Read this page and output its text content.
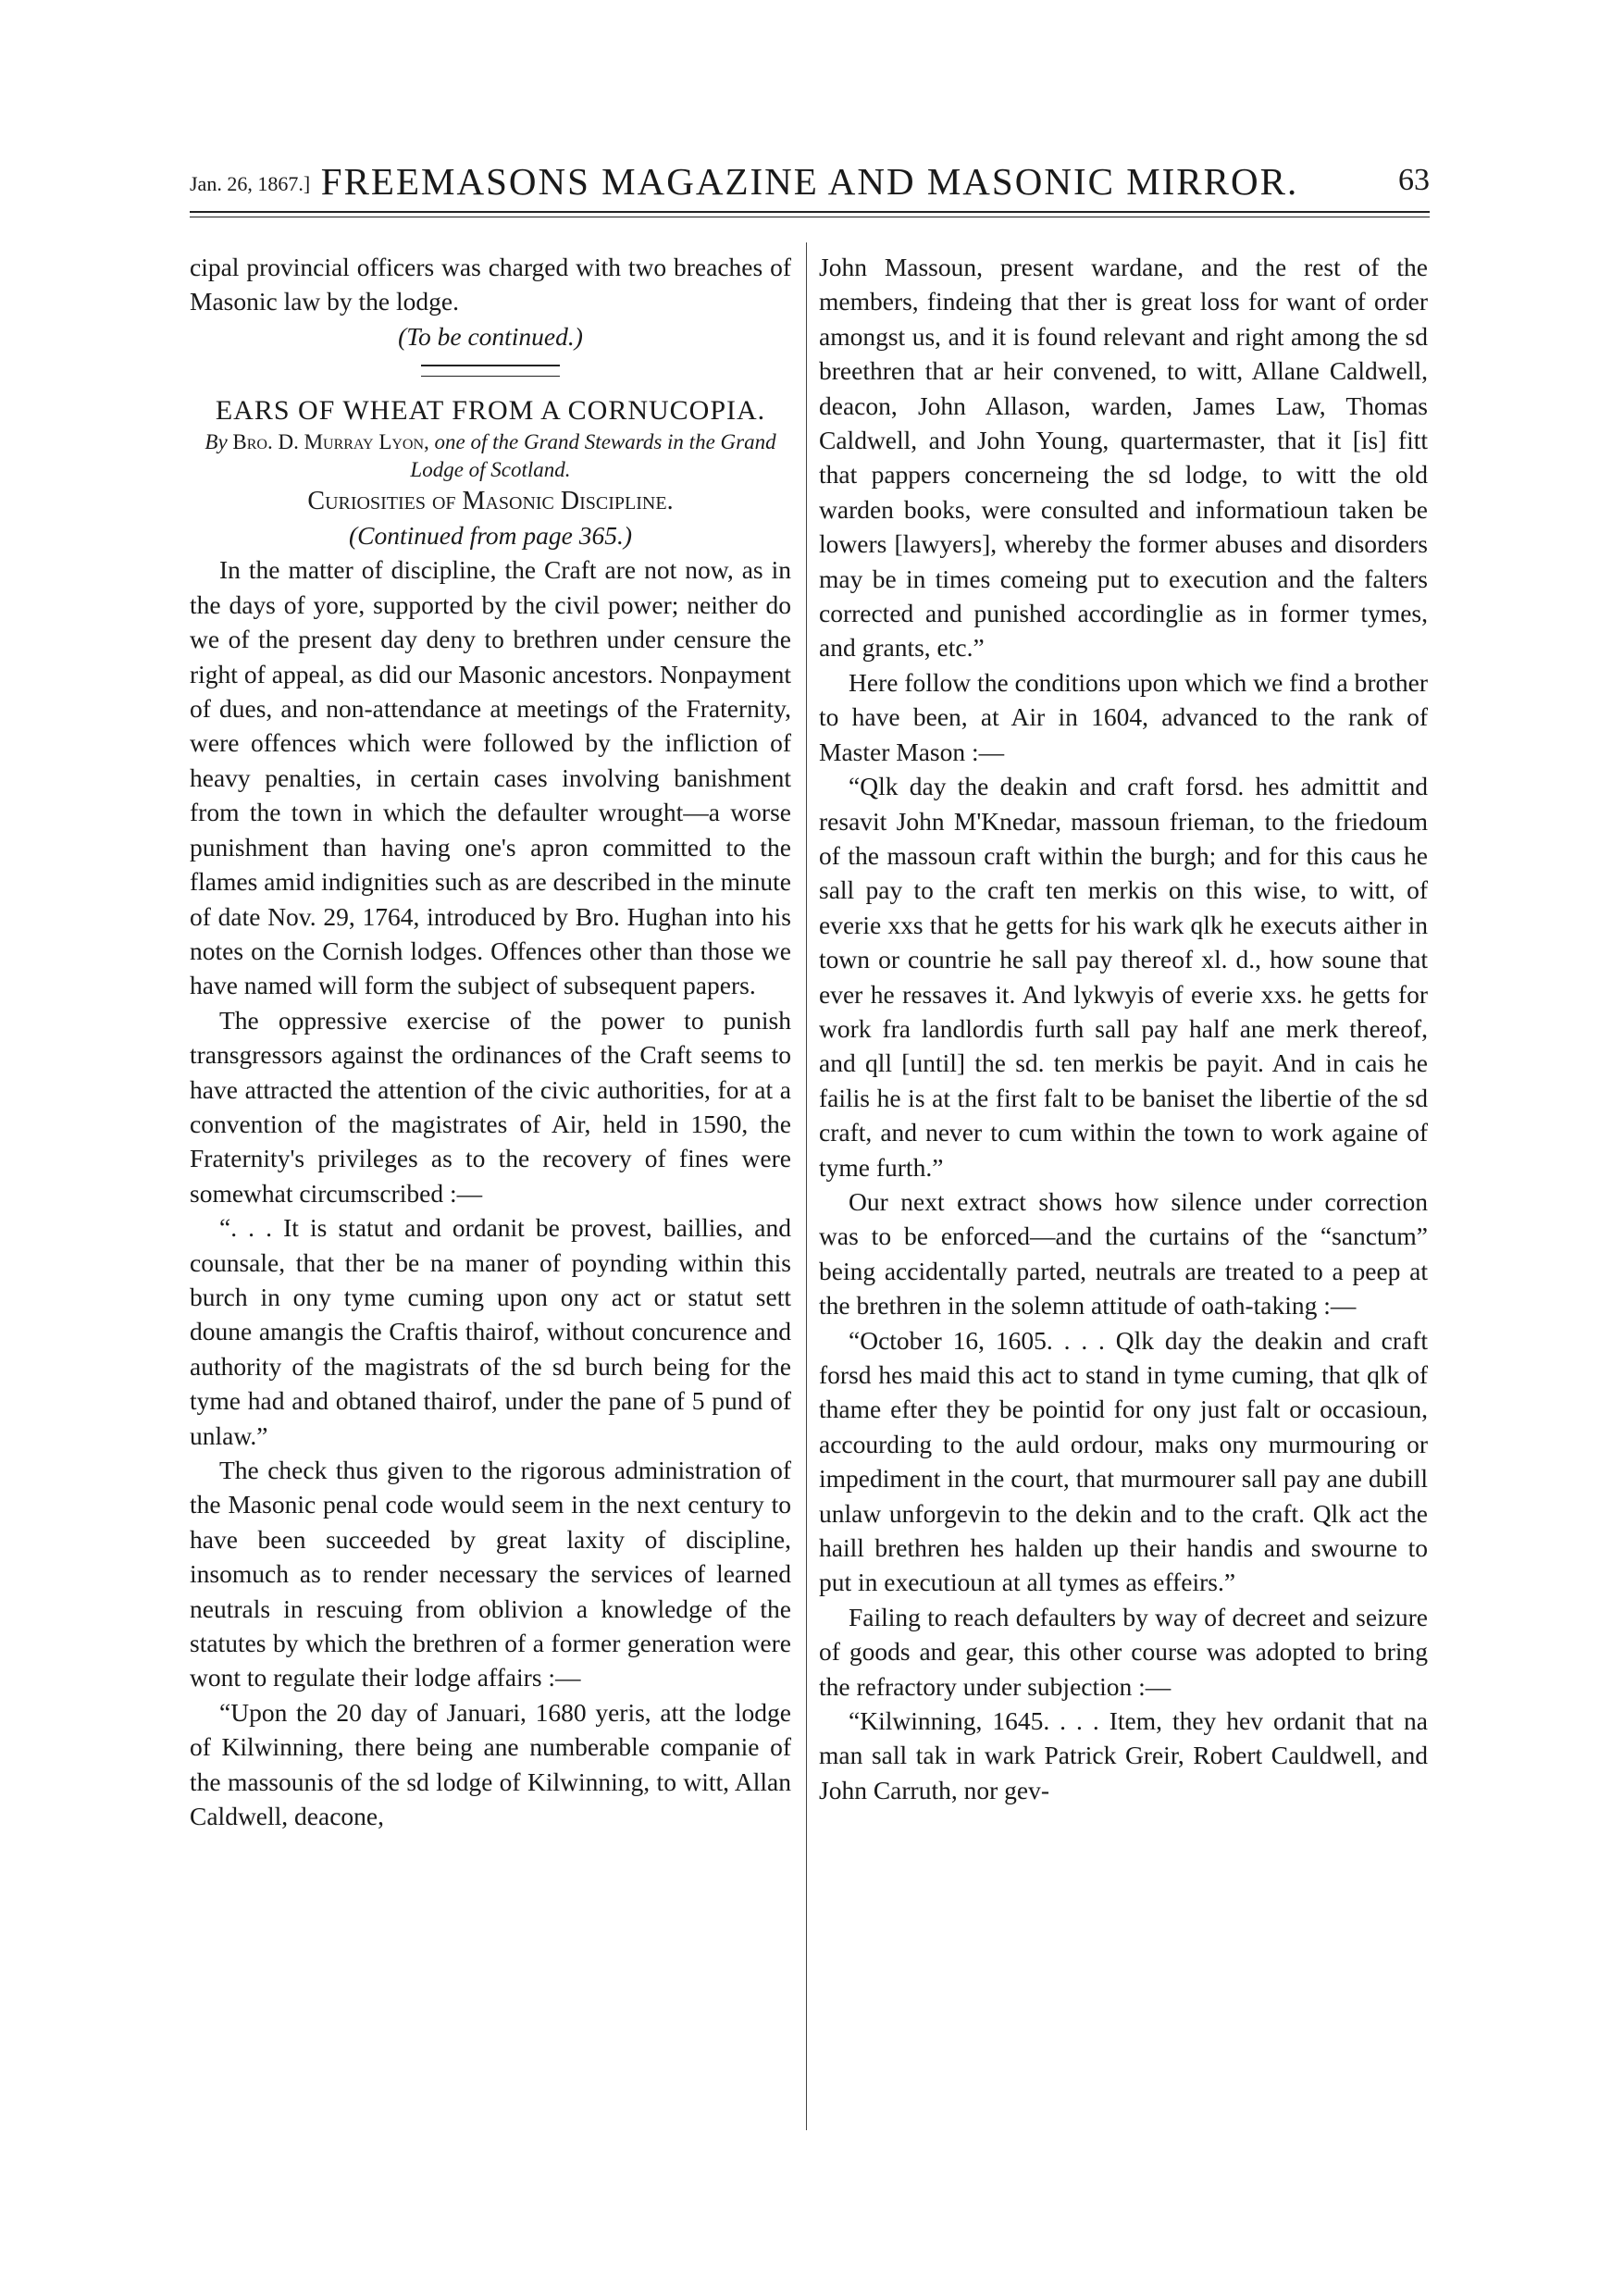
Jan. 26, 1867.] FREEMASONS MAGAZINE AND MASONIC MIRROR.	63

cipal provincial officers was charged with two breaches of Masonic law by the lodge.

(To be continued.)

EARS OF WHEAT FROM A CORNUCOPIA.

By Bro. D. Murray Lyon, one of the Grand Stewards in the Grand Lodge of Scotland.

Curiosities of Masonic Discipline.

(Continued from page 365.)

In the matter of discipline, the Craft are not now, as in the days of yore, supported by the civil power; neither do we of the present day deny to brethren under censure the right of appeal, as did our Masonic ancestors. Nonpayment of dues, and non-attendance at meetings of the Fraternity, were offences which were followed by the infliction of heavy penalties, in certain cases involving banishment from the town in which the defaulter wrought—a worse punishment than having one's apron committed to the flames amid indignities such as are described in the minute of date Nov. 29, 1764, introduced by Bro. Hughan into his notes on the Cornish lodges. Offences other than those we have named will form the subject of subsequent papers.

The oppressive exercise of the power to punish transgressors against the ordinances of the Craft seems to have attracted the attention of the civic authorities, for at a convention of the magistrates of Air, held in 1590, the Fraternity's privileges as to the recovery of fines were somewhat circumscribed :—

“. . . It is statut and ordanit be provest, baillies, and counsale, that ther be na maner of poynding within this burch in ony tyme cuming upon ony act or statut sett doune amangis the Craftis thairof, without concurence and authority of the magistrats of the sd burch being for the tyme had and obtaned thairof, under the pane of 5 pund of unlaw.”

The check thus given to the rigorous administration of the Masonic penal code would seem in the next century to have been succeeded by great laxity of discipline, insomuch as to render necessary the services of learned neutrals in rescuing from oblivion a knowledge of the statutes by which the brethren of a former generation were wont to regulate their lodge affairs :—

“Upon the 20 day of Januari, 1680 yeris, att the lodge of Kilwinning, there being ane numberable companie of the massounis of the sd lodge of Kilwinning, to witt, Allan Caldwell, deacone,

John Massoun, present wardane, and the rest of the members, findeing that ther is great loss for want of order amongst us, and it is found relevant and right among the sd breethren that ar heir convened, to witt, Allane Caldwell, deacon, John Allason, warden, James Law, Thomas Caldwell, and John Young, quartermaster, that it [is] fitt that pappers concerneing the sd lodge, to witt the old warden books, were consulted and informatioun taken be lowers [lawyers], whereby the former abuses and disorders may be in times comeing put to execution and the falters corrected and punished accordinglie as in former tymes, and grants, etc.”

Here follow the conditions upon which we find a brother to have been, at Air in 1604, advanced to the rank of Master Mason :—

“Qlk day the deakin and craft forsd. hes admittit and resavit John M'Knedar, massoun frieman, to the friedoum of the massoun craft within the burgh; and for this caus he sall pay to the craft ten merkis on this wise, to witt, of everie xxs that he getts for his wark qlk he executs aither in town or countrie he sall pay thereof xl. d., how soune that ever he ressaves it. And lykwyis of everie xxs. he getts for work fra landlordis furth sall pay half ane merk thereof, and qll [until] the sd. ten merkis be payit. And in cais he failis he is at the first falt to be baniset the libertie of the sd craft, and never to cum within the town to work againe of tyme furth.”

Our next extract shows how silence under correction was to be enforced—and the curtains of the “sanctum” being accidentally parted, neutrals are treated to a peep at the brethren in the solemn attitude of oath-taking :—

“October 16, 1605. . . . Qlk day the deakin and craft forsd hes maid this act to stand in tyme cuming, that qlk of thame efter they be pointid for ony just falt or occasioun, accourding to the auld ordour, maks ony murmouring or impediment in the court, that murmourer sall pay ane dubill unlaw unforgevin to the dekin and to the craft. Qlk act the haill brethren hes halden up their handis and swourne to put in executioun at all tymes as effeirs.”

Failing to reach defaulters by way of decreet and seizure of goods and gear, this other course was adopted to bring the refractory under subjection :—

“Kilwinning, 1645. . . . Item, they hev ordanit that na man sall tak in wark Patrick Greir, Robert Cauldwell, and John Carruth, nor gev-
